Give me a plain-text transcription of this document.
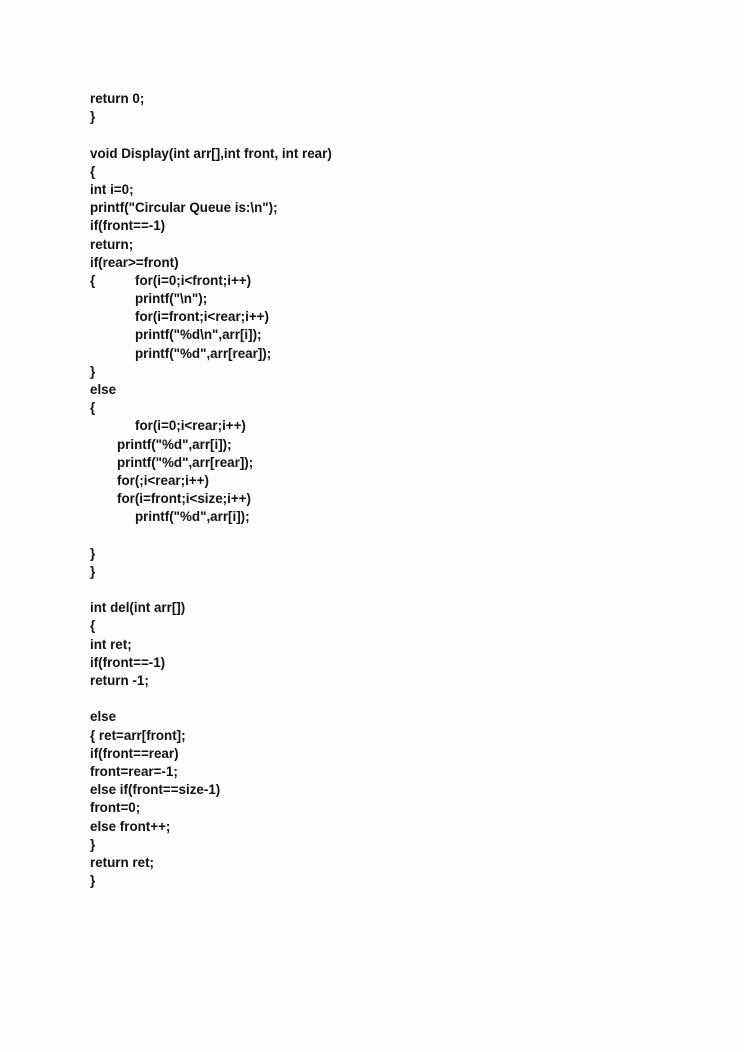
return 0;
}
void Display(int arr[],int front, int rear)
{
int i=0;
printf("Circular Queue is:\n");
if(front==-1)
return;
if(rear>=front)
{	for(i=0;i<front;i++)
printf("\n");
for(i=front;i<rear;i++)
printf("%d\n",arr[i]);
printf("%d",arr[rear]);
}
else
{
for(i=0;i<rear;i++)
printf("%d",arr[i]);
printf("%d",arr[rear]);
for(;i<rear;i++)
for(i=front;i<size;i++)
printf("%d",arr[i]);
}
}
int del(int arr[])
{
int ret;
if(front==-1)
return -1;
else
{ ret=arr[front];
if(front==rear)
front=rear=-1;
else if(front==size-1)
front=0;
else front++;
}
return ret;
}
